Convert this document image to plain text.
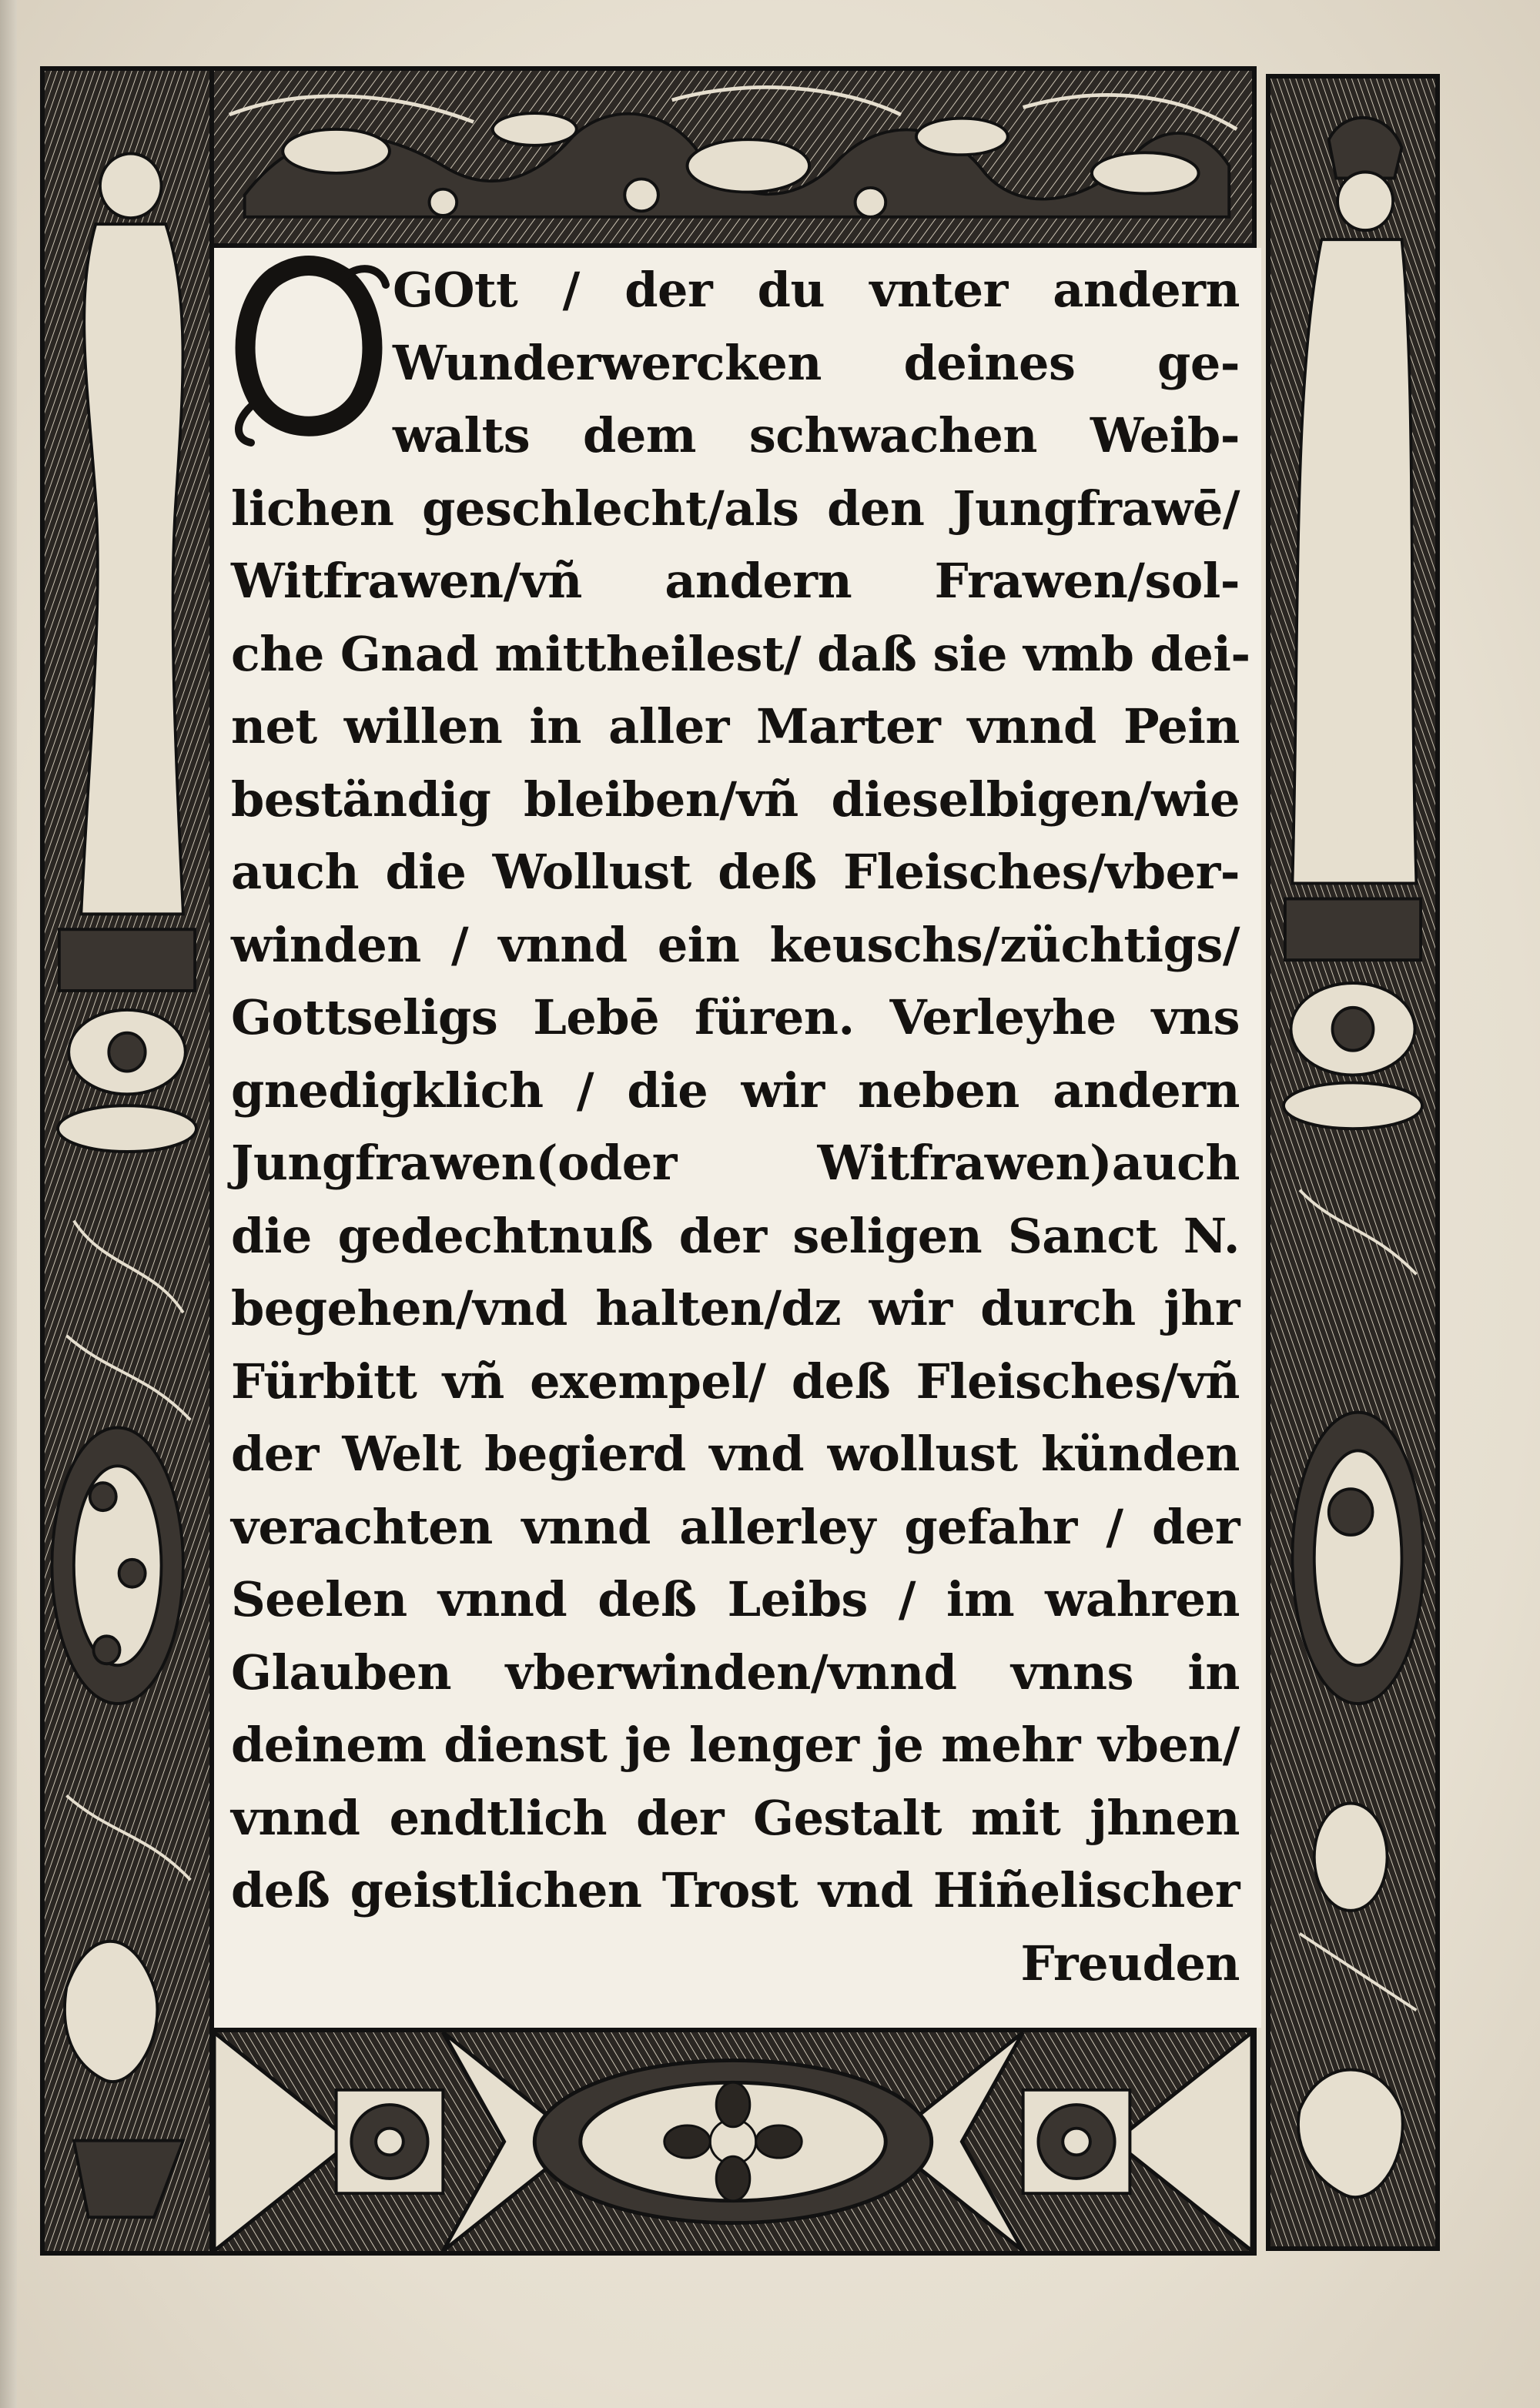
GOtt / der du vnter andern
Wunderwercken deines ge-
walts dem schwachen Weib-
lichen geschlecht/als den Jungfrawē/
Witfrawen/vñ andern Frawen/sol-
che Gnad mittheilest/ daß sie vmb dei-
net willen in aller Marter vnnd Pein
beständig bleiben/vñ dieselbigen/wie
auch die Wollust deß Fleisches/vber-
winden / vnnd ein keuschs/züchtigs/
Gottseligs Lebē füren. Verleyhe vns
gnedigklich / die wir neben andern
Jungfrawen(oder Witfrawen)auch
die gedechtnuß der seligen Sanct N.
begehen/vnd halten/dz wir durch jhr
Fürbitt vñ exempel/ deß Fleisches/vñ
der Welt begierd vnd wollust künden
verachten vnnd allerley gefahr / der
Seelen vnnd deß Leibs / im wahren
Glauben vberwinden/vnnd vnns in
deinem dienst je lenger je mehr vben/
vnnd endtlich der Gestalt mit jhnen
deß geistlichen Trost vnd Hiñelischer
Freuden
